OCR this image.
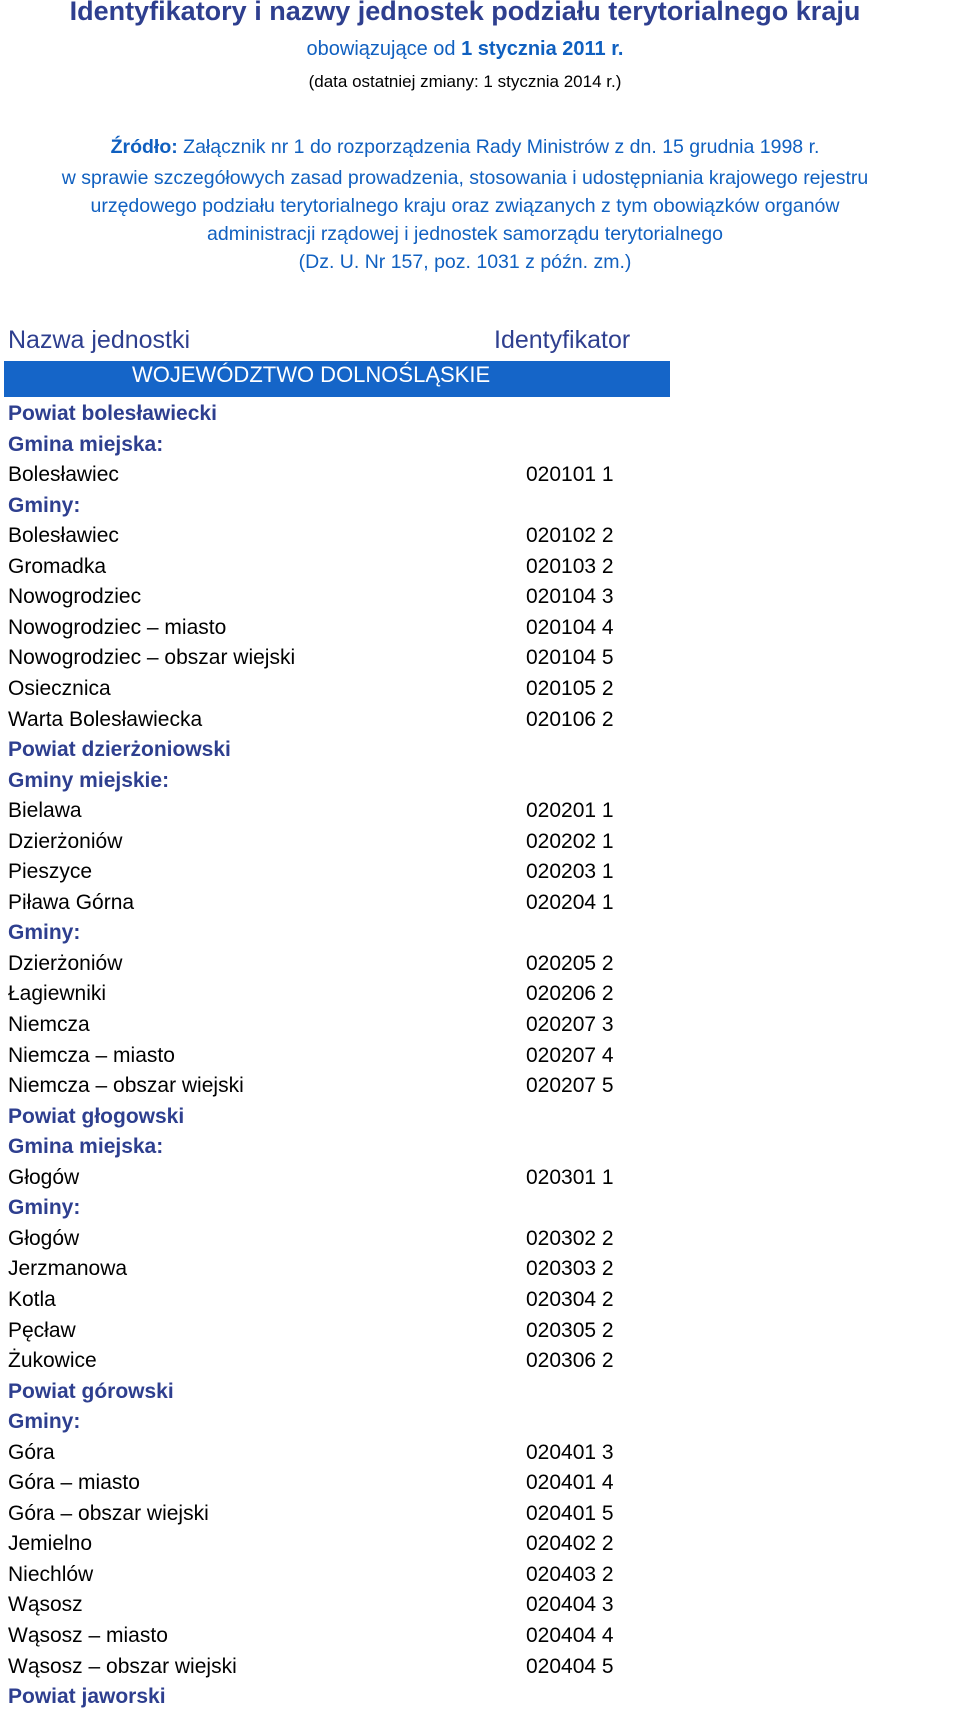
Identyfikatory i nazwy jednostek podziału terytorialnego kraju
obowiązujące od 1 stycznia 2011 r.
(data ostatniej zmiany: 1 stycznia 2014 r.)
Źródło: Załącznik nr 1 do rozporządzenia Rady Ministrów z dn. 15 grudnia 1998 r.
w sprawie szczegółowych zasad prowadzenia, stosowania i udostępniania krajowego rejestru
urzędowego podziału terytorialnego kraju oraz związanych z tym obowiązków organów
administracji rządowej i jednostek samorządu terytorialnego
(Dz. U. Nr 157, poz. 1031 z późn. zm.)
Nazwa jednostki	Identyfikator
WOJEWÓDZTWO DOLNOŚLĄSKIE
Powiat bolesławiecki
Gmina miejska:
Bolesławiec	020101 1
Gminy:
Bolesławiec	020102 2
Gromadka	020103 2
Nowogrodziec	020104 3
Nowogrodziec – miasto	020104 4
Nowogrodziec – obszar wiejski	020104 5
Osiecznica	020105 2
Warta Bolesławiecka	020106 2
Powiat dzierżoniowski
Gminy miejskie:
Bielawa	020201 1
Dzierżoniów	020202 1
Pieszyce	020203 1
Piława Górna	020204 1
Gminy:
Dzierżoniów	020205 2
Łagiewniki	020206 2
Niemcza	020207 3
Niemcza – miasto	020207 4
Niemcza – obszar wiejski	020207 5
Powiat głogowski
Gmina miejska:
Głogów	020301 1
Gminy:
Głogów	020302 2
Jerzmanowa	020303 2
Kotla	020304 2
Pęcław	020305 2
Żukowice	020306 2
Powiat górowski
Gminy:
Góra	020401 3
Góra – miasto	020401 4
Góra – obszar wiejski	020401 5
Jemielno	020402 2
Niechlów	020403 2
Wąsosz	020404 3
Wąsosz – miasto	020404 4
Wąsosz – obszar wiejski	020404 5
Powiat jaworski
